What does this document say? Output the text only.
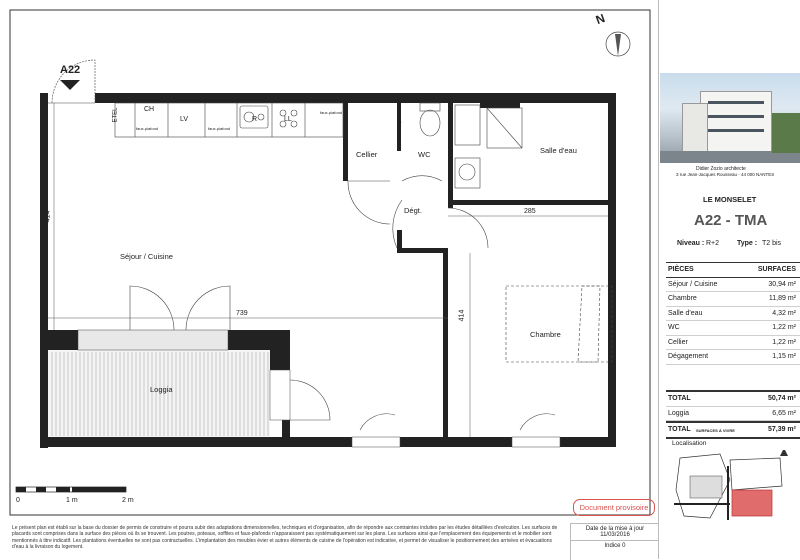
A22
N
Séjour / Cuisine
Loggia
Cellier	WC
Dégt.
Salle d'eau
Chambre
ETEL	CH
LV	R	LL
faux-plafond	faux-plafond
faux-plafond	faux-plafond
414
739
285
414
0	1 m	2 m
Didier Zozio architecte
3 rue Jean-Jacques Rousseau - 44 000 NANTES
LE MONSELET
A22 - TMA
Niveau : R+2	Type : T2 bis
PIÈCES	SURFACES
Séjour / Cuisine	30,94 m²
Chambre	11,89 m²
Salle d'eau	4,32 m²
WC	1,22 m²
Cellier	1,22 m²
Dégagement	1,15 m²
TOTAL	50,74 m²
Loggia	6,65 m²
TOTAL SURFACES À VIVRE	57,39 m²
Localisation
Document provisoire
Le présent plan est établi sur la base du dossier de permis de construire et pourra subir des adaptations dimensionnelles, techniques et d'organisation, afin de répondre aux contraintes induites par les études détaillées d'exécution. Les surfaces de placards sont comprises dans la surface des pièces où ils se trouvent. Les poutres, poteaux, soffites et faux-plafonds n'apparaissent pas systématiquement sur les plans. Les surfaces ainsi que l'emplacement des équipements et le mobilier sont mentionnés à titre indicatif. Les plantations éventuelles ne sont pas contractuelles. L'implantation des meubles évier et autres éléments de cuisine de l'opération est indicative, et permet de visualiser le positionnement des arrivées et évacuations d'eau à la livraison du logement.
Date de la mise à jour
11/03/2016
Indice 0
